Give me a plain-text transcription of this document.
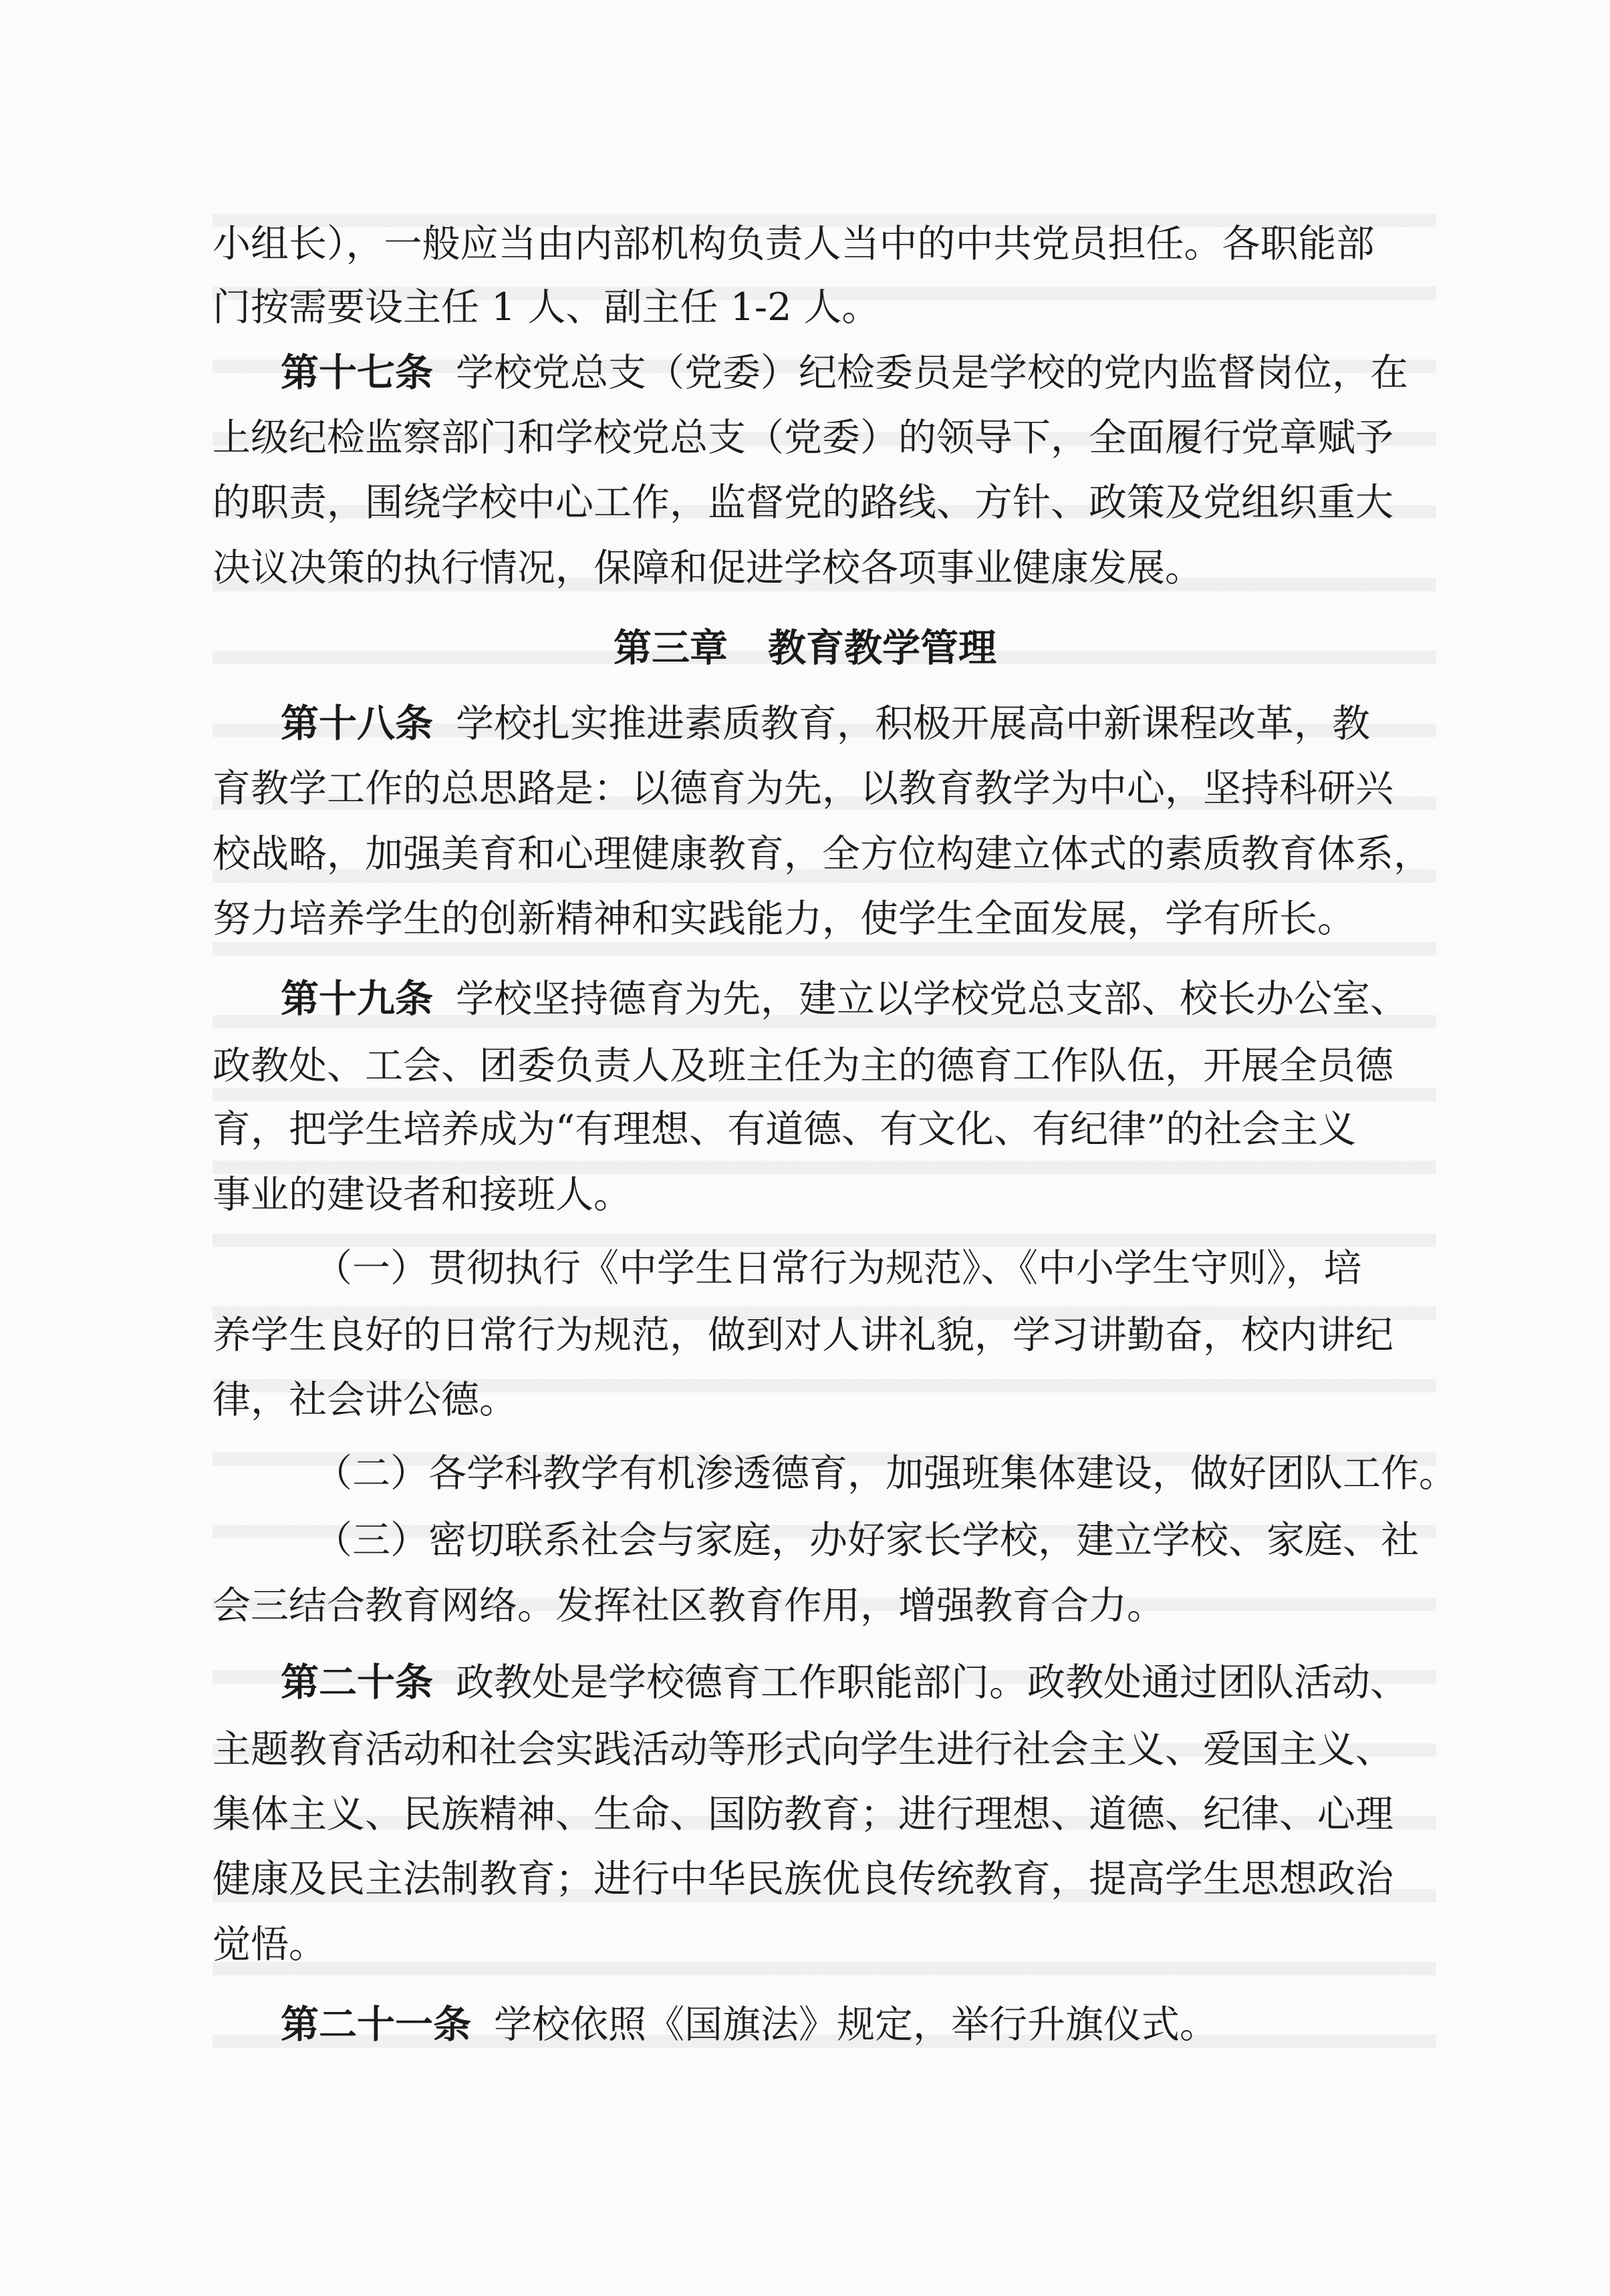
小组长），一般应当由内部机构负责人当中的中共党员担任。各职能部
门按需要设主任 1 人、副主任 1-2 人。
第十七条 学校党总支（党委）纪检委员是学校的党内监督岗位，在
上级纪检监察部门和学校党总支（党委）的领导下，全面履行党章赋予
的职责，围绕学校中心工作，监督党的路线、方针、政策及党组织重大
决议决策的执行情况，保障和促进学校各项事业健康发展。
第三章 教育教学管理
第十八条 学校扎实推进素质教育，积极开展高中新课程改革，教
育教学工作的总思路是：以德育为先，以教育教学为中心，坚持科研兴
校战略，加强美育和心理健康教育，全方位构建立体式的素质教育体系，
努力培养学生的创新精神和实践能力，使学生全面发展，学有所长。
第十九条 学校坚持德育为先，建立以学校党总支部、校长办公室、
政教处、工会、团委负责人及班主任为主的德育工作队伍，开展全员德
育，把学生培养成为“有理想、有道德、有文化、有纪律”的社会主义
事业的建设者和接班人。
（一）贯彻执行《中学生日常行为规范》、《中小学生守则》，培
养学生良好的日常行为规范，做到对人讲礼貌，学习讲勤奋，校内讲纪
律，社会讲公德。
（二）各学科教学有机渗透德育，加强班集体建设，做好团队工作。
（三）密切联系社会与家庭，办好家长学校，建立学校、家庭、社
会三结合教育网络。发挥社区教育作用，增强教育合力。
第二十条 政教处是学校德育工作职能部门。政教处通过团队活动、
主题教育活动和社会实践活动等形式向学生进行社会主义、爱国主义、
集体主义、民族精神、生命、国防教育；进行理想、道德、纪律、心理
健康及民主法制教育；进行中华民族优良传统教育，提高学生思想政治
觉悟。
第二十一条 学校依照《国旗法》规定，举行升旗仪式。
